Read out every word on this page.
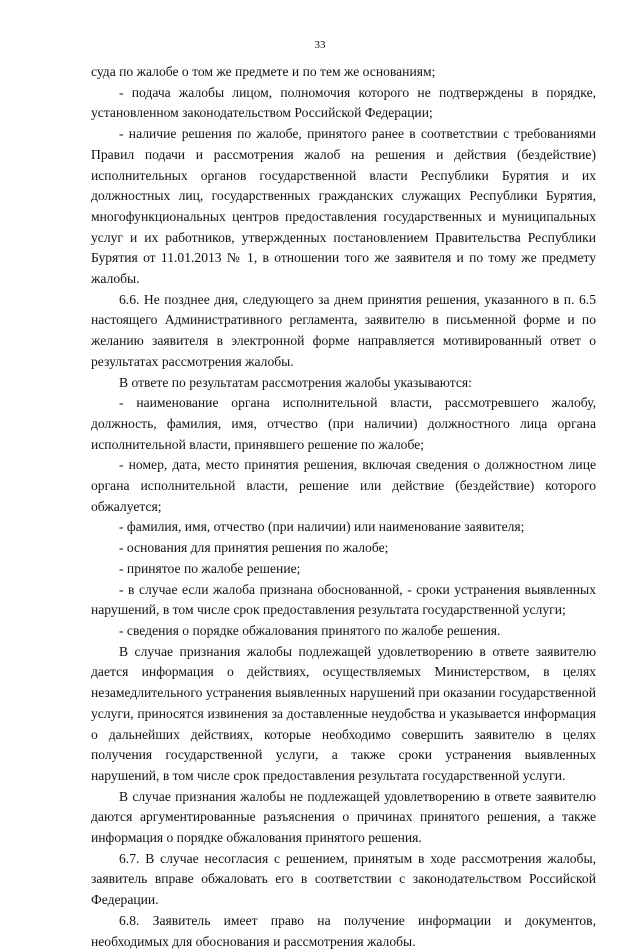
33

суда по жалобе о том же предмете и по тем же основаниям;

- подача жалобы лицом, полномочия которого не подтверждены в порядке, установленном законодательством Российской Федерации;

- наличие решения по жалобе, принятого ранее в соответствии с требованиями Правил подачи и рассмотрения жалоб на решения и действия (бездействие) исполнительных органов государственной власти Республики Бурятия и их должностных лиц, государственных гражданских служащих Республики Бурятия, многофункциональных центров предоставления государственных и муниципальных услуг и их работников, утвержденных постановлением Правительства Республики Бурятия от 11.01.2013 № 1, в отношении того же заявителя и по тому же предмету жалобы.

6.6. Не позднее дня, следующего за днем принятия решения, указанного в п. 6.5 настоящего Административного регламента, заявителю в письменной форме и по желанию заявителя в электронной форме направляется мотивированный ответ о результатах рассмотрения жалобы.

В ответе по результатам рассмотрения жалобы указываются:

- наименование органа исполнительной власти, рассмотревшего жалобу, должность, фамилия, имя, отчество (при наличии) должностного лица органа исполнительной власти, принявшего решение по жалобе;

- номер, дата, место принятия решения, включая сведения о должностном лице органа исполнительной власти, решение или действие (бездействие) которого обжалуется;

- фамилия, имя, отчество (при наличии) или наименование заявителя;

- основания для принятия решения по жалобе;

- принятое по жалобе решение;

- в случае если жалоба признана обоснованной, - сроки устранения выявленных нарушений, в том числе срок предоставления результата государственной услуги;

- сведения о порядке обжалования принятого по жалобе решения.

В случае признания жалобы подлежащей удовлетворению в ответе заявителю дается информация о действиях, осуществляемых Министерством, в целях незамедлительного устранения выявленных нарушений при оказании государственной услуги, приносятся извинения за доставленные неудобства и указывается информация о дальнейших действиях, которые необходимо совершить заявителю в целях получения государственной услуги, а также сроки устранения выявленных нарушений, в том числе срок предоставления результата государственной услуги.

В случае признания жалобы не подлежащей удовлетворению в ответе заявителю даются аргументированные разъяснения о причинах принятого решения, а также информация о порядке обжалования принятого решения.

6.7. В случае несогласия с решением, принятым в ходе рассмотрения жалобы, заявитель вправе обжаловать его в соответствии с законодательством Российской Федерации.

6.8. Заявитель имеет право на получение информации и документов, необходимых для обоснования и рассмотрения жалобы.
